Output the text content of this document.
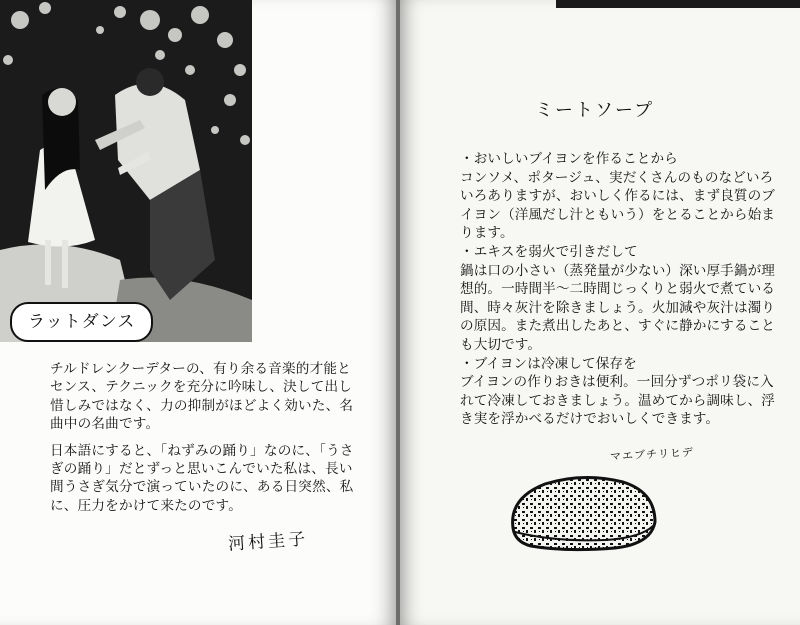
ラットダンス

チルドレンクーデターの、有り余る音楽的才能とセンス、テクニックを充分に吟味し、決して出し惜しみではなく、力の抑制がほどよく効いた、名曲中の名曲です。

日本語にすると、「ねずみの踊り」なのに、「うさぎの踊り」だとずっと思いこんでいた私は、長い間うさぎ気分で演っていたのに、ある日突然、私に、圧力をかけて来たのです。

河村圭子
ミートソープ

・おいしいブイヨンを作ることから

コンソメ、ポタージュ、実だくさんのものなどいろいろありますが、おいしく作るには、まず良質のブイヨン（洋風だし汁ともいう）をとることから始まります。

・エキスを弱火で引きだして

鍋は口の小さい（蒸発量が少ない）深い厚手鍋が理想的。一時間半～二時間じっくりと弱火で煮ている間、時々灰汁を除きましょう。火加減や灰汁は濁りの原因。また煮出したあと、すぐに静かにすることも大切です。

・ブイヨンは冷凍して保存を

ブイヨンの作りおきは便利。一回分ずつポリ袋に入れて冷凍しておきましょう。温めてから調味し、浮き実を浮かべるだけでおいしくできます。

マエブチリヒデ
